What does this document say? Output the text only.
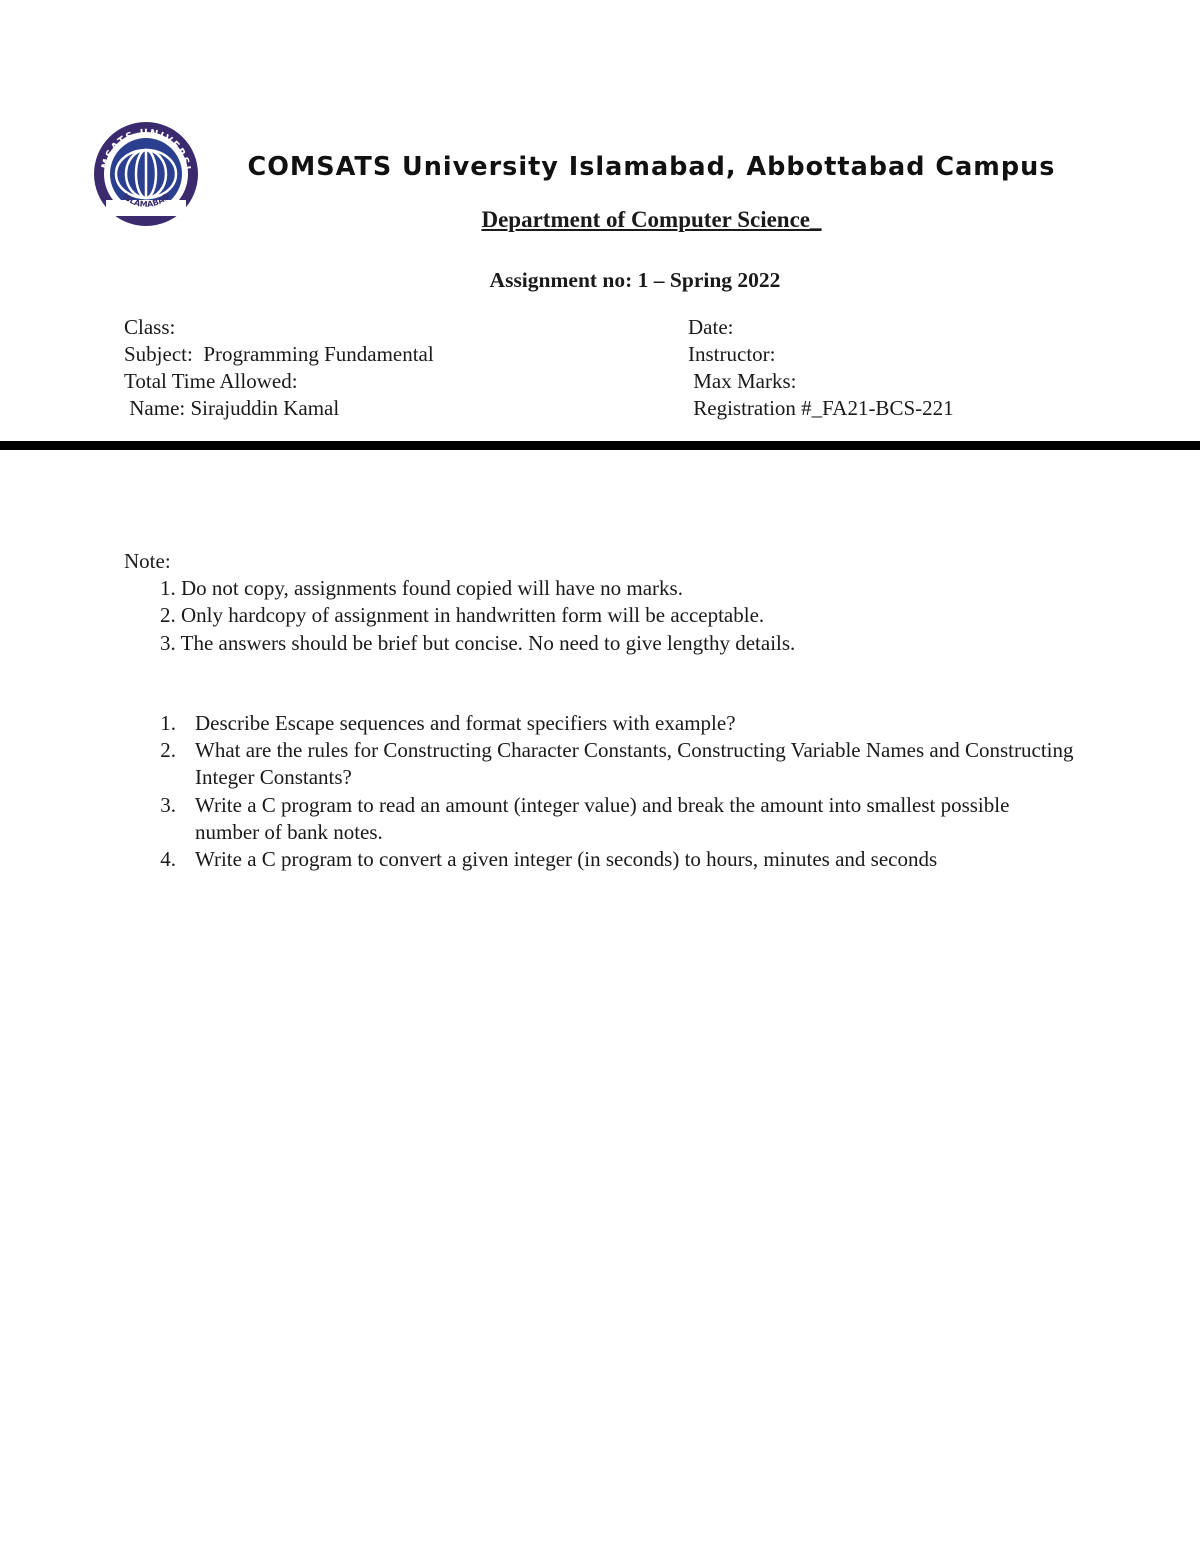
MSATS UNIVERSI
ISLAMABAD
COMSATS University Islamabad, Abbottabad Campus
Department of Computer Science_
Assignment no: 1 – Spring 2022
Class:	Date:
Subject:  Programming Fundamental	Instructor:
Total Time Allowed:	Max Marks:
Name: Sirajuddin Kamal	Registration #_FA21-BCS-221
Note:
1. Do not copy, assignments found copied will have no marks.
2. Only hardcopy of assignment in handwritten form will be acceptable.
3. The answers should be brief but concise. No need to give lengthy details.
1. Describe Escape sequences and format specifiers with example?
2. What are the rules for Constructing Character Constants, Constructing Variable Names and Constructing Integer Constants?
3. Write a C program to read an amount (integer value) and break the amount into smallest possible number of bank notes.
4. Write a C program to convert a given integer (in seconds) to hours, minutes and seconds
